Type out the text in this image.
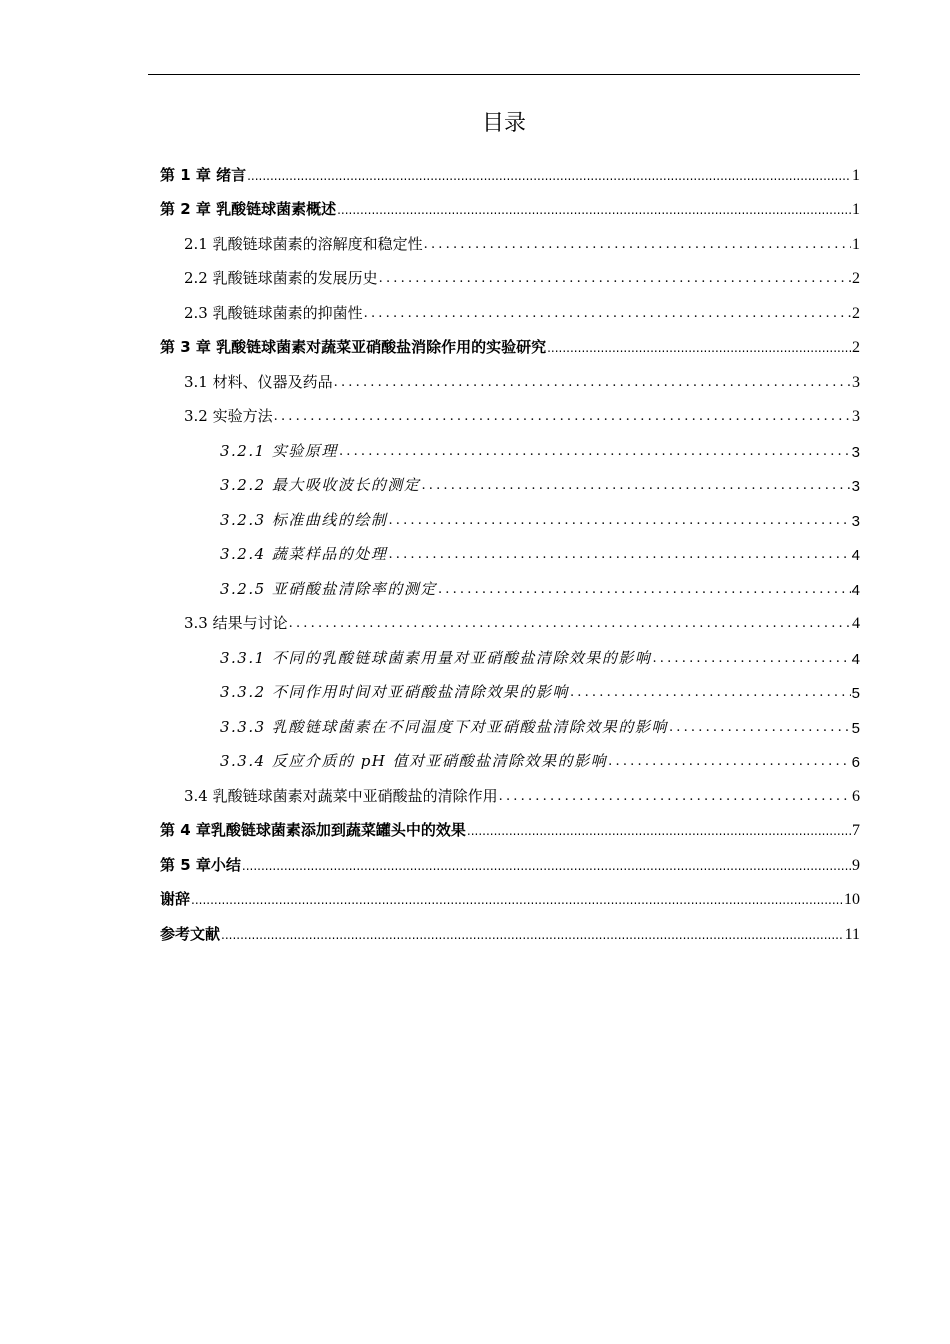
目录
第 1 章 绪言 .....	1
第 2 章 乳酸链球菌素概述 .....	1
2.1 乳酸链球菌素的溶解度和稳定性 .....	1
2.2 乳酸链球菌素的发展历史 .....	2
2.3 乳酸链球菌素的抑菌性 .....	2
第 3 章 乳酸链球菌素对蔬菜亚硝酸盐消除作用的实验研究 .....	2
3.1 材料、仪器及药品 .....	3
3.2 实验方法 .....	3
3.2.1 实验原理 .....	3
3.2.2 最大吸收波长的测定 .....	3
3.2.3 标准曲线的绘制 .....	3
3.2.4 蔬菜样品的处理 .....	4
3.2.5 亚硝酸盐清除率的测定 .....	4
3.3 结果与讨论 .....	4
3.3.1 不同的乳酸链球菌素用量对亚硝酸盐清除效果的影响 .....	4
3.3.2 不同作用时间对亚硝酸盐清除效果的影响 .....	5
3.3.3 乳酸链球菌素在不同温度下对亚硝酸盐清除效果的影响 .....	5
3.3.4 反应介质的 pH 值对亚硝酸盐清除效果的影响 .....	6
3.4 乳酸链球菌素对蔬菜中亚硝酸盐的清除作用 .....	6
第 4 章乳酸链球菌素添加到蔬菜罐头中的效果 .....	7
第 5 章小结 .....	9
谢辞 .....	10
参考文献 .....	11
